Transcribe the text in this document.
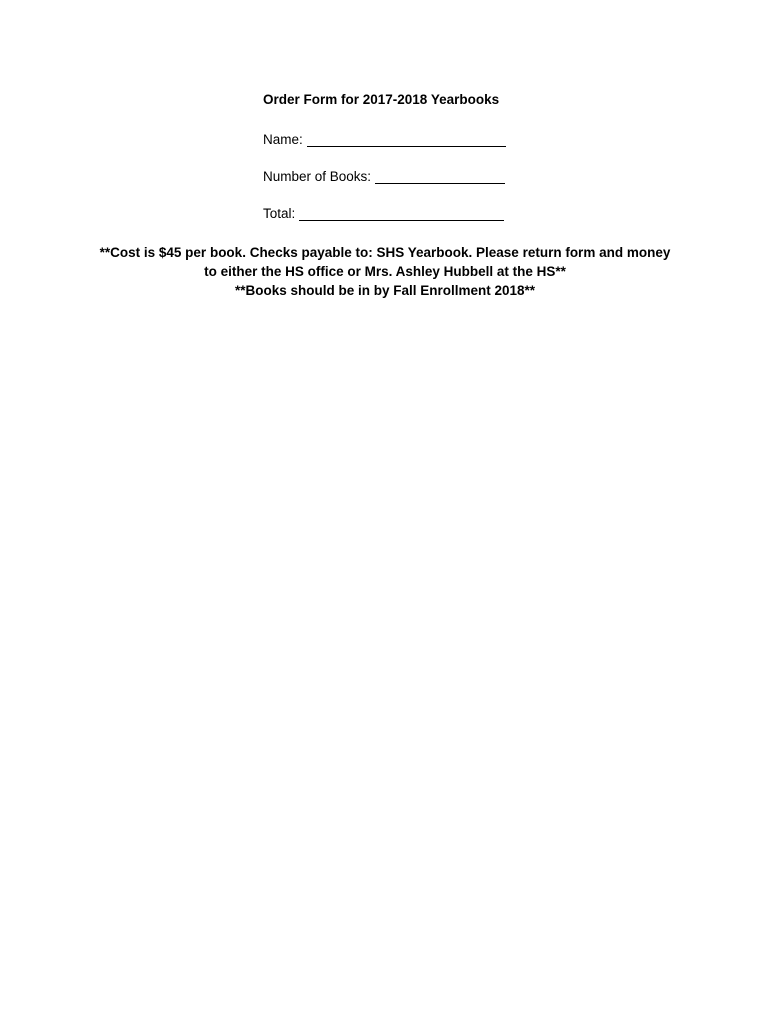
Order Form for 2017-2018 Yearbooks
Name:
Number of Books:
Total:
**Cost is $45 per book. Checks payable to: SHS Yearbook. Please return form and money
to either the HS office or Mrs. Ashley Hubbell at the HS**
**Books should be in by Fall Enrollment 2018**
